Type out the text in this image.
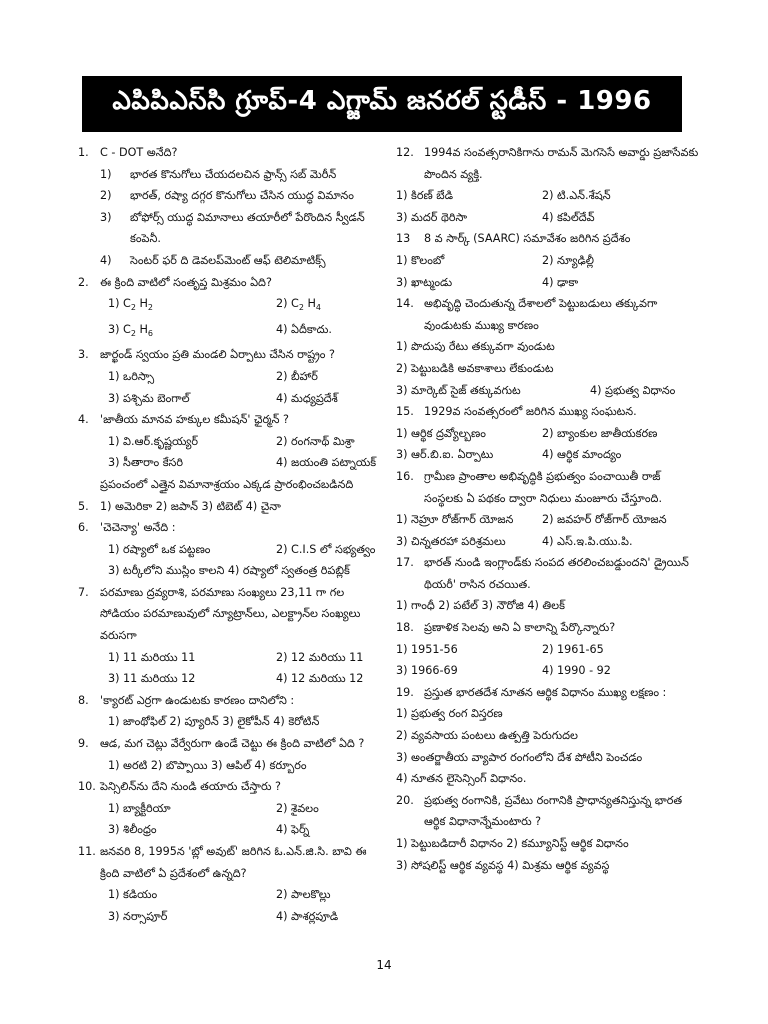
ఎపిపిఎస్‌సి గ్రూప్-4 ఎగ్జామ్ జనరల్ స్టడీస్ - 1996
1.	C - DOT అనేది?
1)	భారత కొనుగోలు చేయదలచిన ఫ్రాన్స్ సబ్ మెరీన్
2)	భారత్, రష్యా దగ్గర కొనుగోలు చేసిన యుద్ధ విమానం
3)	బోఫోర్స్ యుద్ధ విమానాలు తయారీలో పేరొందిన స్వీడన్ కంపెనీ.
4)	సెంటర్ ఫర్ ది డెవలప్‌మెంట్ ఆఫ్ టెలిమాటిక్స్
2.	ఈ క్రింది వాటిలో సంతృప్త మిశ్రమం ఏది?
1) $C_2$ $H_2$	2) $C_2$ $H_4$
3) $C_2$ $H_6$	4) ఏదీకాదు.
3.	జార్ఖండ్ స్వయం ప్రతి మండలి ఏర్పాటు చేసిన రాష్ట్రం ?
1) ఒరిస్సా	2) బీహార్
3) పశ్చిమ బెంగాల్	4) మధ్యప్రదేశ్
4.	'జాతీయ మానవ హక్కుల కమీషన్' ఛైర్మన్ ?
1) వి.ఆర్.కృష్ణయ్యర్	2) రంగనాథ్ మిశ్రా
3) సీతారాం కేసరి	4) జయంతి పట్నాయక్
ప్రపంచంలో ఎత్తైన విమానాశ్రయం ఎక్కడ ప్రారంభించబడినది
5.	1) అమెరికా 2) జపాన్ 3) టిబెట్ 4) చైనా
6.	'చెచెన్యా' అనేది :
1) రష్యాలో ఒక పట్టణం	2) C.I.S లో సభ్యత్వం
3) టర్కీలోని ముస్లిం కాలని 4) రష్యాలో స్వతంత్ర రిపబ్లిక్
7.	పరమాణు ద్రవ్యరాశి, పరమాణు సంఖ్యలు 23,11 గా గల సోడియం పరమాణువులో న్యూట్రాన్‌లు, ఎలక్ట్రాన్‌ల సంఖ్యలు వరుసగా
1) 11 మరియు 11	2) 12 మరియు 11
3) 11 మరియు 12	4) 12 మరియు 12
8.	'క్యారట్ ఎర్రగా ఉండుటకు కారణం దానిలోని :
1) జాంథోఫిల్ 2) ప్యూరిన్ 3) లైకోపీన్ 4) కెరోటిన్
9.	ఆడ, మగ చెట్లు వేర్వేరుగా ఉండే చెట్టు ఈ క్రింది వాటిలో ఏది ?
1) అరటి 2) బొప్పాయి 3) ఆపిల్ 4) కర్బూరం
10. పెన్సిలిన్‌ను దేని నుండి తయారు చేస్తారు ?
1) బ్యాక్టీరియా	2) శైవలం
3) శిలీంధ్రం	4) ఫెర్న్
11. జనవరి 8, 1995న 'బ్లో అవుట్' జరిగిన ఓ.ఎన్.జి.సి. బావి ఈ క్రింది వాటిలో ఏ ప్రదేశంలో ఉన్నది?
1) కడియం	2) పాలకొల్లు
3) నర్సాపూర్	4) పాశర్లపూడి
12. 1994వ సంవత్సరానికిగాను రామన్ మెగసెసే అవార్డు ప్రజాసేవకు పొందిన వ్యక్తి.
1) కిరణ్ బేడి	2) టి.ఎన్.శేషన్
3) మదర్ థెరిసా	4) కపిల్‌దేవ్
13	8 వ సార్క్ (SAARC) సమావేశం జరిగిన ప్రదేశం
1) కొలంబో	2) న్యూఢిల్లీ
3) ఖాట్మండు	4) ఢాకా
14. అభివృద్ధి చెందుతున్న దేశాలలో పెట్టుబడులు తక్కువగా వుండుటకు ముఖ్య కారణం
1) పొదుపు రేటు తక్కువగా వుండుట
2) పెట్టుబడికి అవకాశాలు లేకుండుట
3) మార్కెట్ సైజ్ తక్కువగుట	4) ప్రభుత్వ విధానం
15. 1929వ సంవత్సరంలో జరిగిన ముఖ్య సంఘటన.
1) ఆర్థిక ద్రవ్యోల్బణం	2) బ్యాంకుల జాతీయకరణ
3) ఆర్.బి.ఐ. ఏర్పాటు	4) ఆర్థిక మాంద్యం
16. గ్రామీణ ప్రాంతాల అభివృద్ధికి ప్రభుత్వం పంచాయితీ రాజ్ సంస్థలకు ఏ పథకం ద్వారా నిధులు మంజూరు చేస్తూంది.
1) నెహ్రూ రోజ్‌గార్ యోజన	2) జవహర్ రోజ్‌గార్ యోజన
3) చిన్నతరహా పరిశ్రమలు	4) ఎస్.ఇ.పి.యు.పి.
17. భారత్ నుండి ఇంగ్లాండ్‌కు సంపద తరలించబడ్డుందని' డ్రైయిన్ థియరీ' రాసిన రచయిత.
1) గాంధీ 2) పటేల్ 3) నౌరోజి 4) తిలక్
18. ప్రణాళిక సెలవు అని ఏ కాలాన్ని పేర్కొన్నారు?
1) 1951-56	2) 1961-65
3) 1966-69	4) 1990 - 92
19. ప్రస్తుత భారతదేశ నూతన ఆర్థిక విధానం ముఖ్య లక్షణం :
1) ప్రభుత్వ రంగ విస్తరణ
2) వ్యవసాయ పంటలు ఉత్పత్తి పెరుగుదల
3) అంతర్జాతీయ వ్యాపార రంగంలోని దేశ పోటీని పెంచడం
4) నూతన లైసెన్సింగ్ విధానం.
20. ప్రభుత్వ రంగానికి, ప్రవేటు రంగానికి ప్రాధాన్యతనిస్తున్న భారత ఆర్థిక విధానాన్నేమంటారు ?
1) పెట్టుబడిదారీ విధానం 2) కమ్యూనిస్ట్ ఆర్థిక విధానం
3) సోషలిస్ట్ ఆర్థిక వ్యవస్థ 4) మిశ్రమ ఆర్థిక వ్యవస్థ
14
